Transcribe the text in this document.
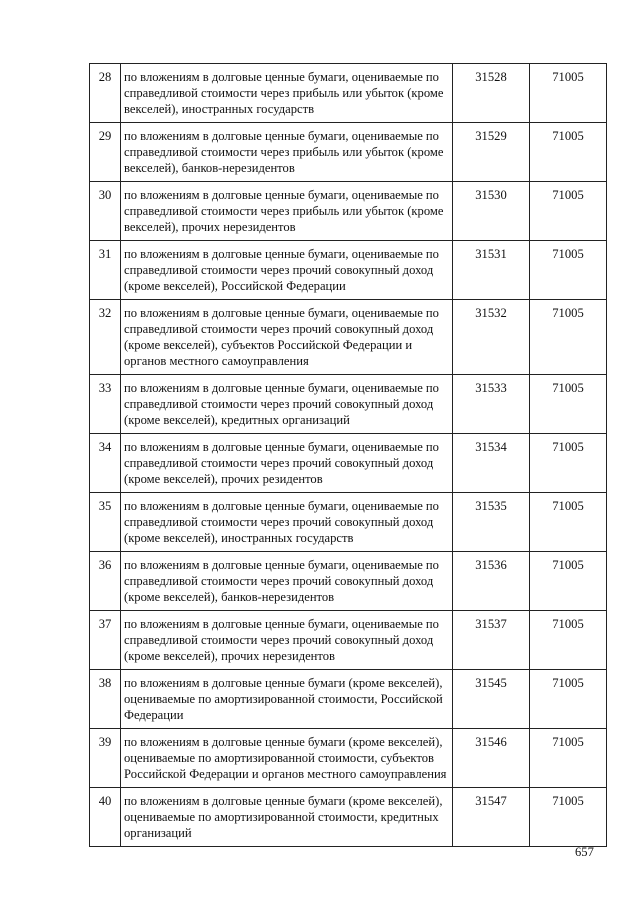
28	по вложениям в долговые ценные бумаги, оцениваемые по справедливой стоимости через прибыль или убыток (кроме векселей), иностранных государств	31528	71005
29	по вложениям в долговые ценные бумаги, оцениваемые по справедливой стоимости через прибыль или убыток (кроме векселей), банков-нерезидентов	31529	71005
30	по вложениям в долговые ценные бумаги, оцениваемые по справедливой стоимости через прибыль или убыток (кроме векселей), прочих нерезидентов	31530	71005
31	по вложениям в долговые ценные бумаги, оцениваемые по справедливой стоимости через прочий совокупный доход (кроме векселей), Российской Федерации	31531	71005
32	по вложениям в долговые ценные бумаги, оцениваемые по справедливой стоимости через прочий совокупный доход (кроме векселей), субъектов Российской Федерации и органов местного самоуправления	31532	71005
33	по вложениям в долговые ценные бумаги, оцениваемые по справедливой стоимости через прочий совокупный доход (кроме векселей), кредитных организаций	31533	71005
34	по вложениям в долговые ценные бумаги, оцениваемые по справедливой стоимости через прочий совокупный доход (кроме векселей), прочих резидентов	31534	71005
35	по вложениям в долговые ценные бумаги, оцениваемые по справедливой стоимости через прочий совокупный доход (кроме векселей), иностранных государств	31535	71005
36	по вложениям в долговые ценные бумаги, оцениваемые по справедливой стоимости через прочий совокупный доход (кроме векселей), банков-нерезидентов	31536	71005
37	по вложениям в долговые ценные бумаги, оцениваемые по справедливой стоимости через прочий совокупный доход (кроме векселей), прочих нерезидентов	31537	71005
38	по вложениям в долговые ценные бумаги (кроме векселей), оцениваемые по амортизированной стоимости, Российской Федерации	31545	71005
39	по вложениям в долговые ценные бумаги (кроме векселей), оцениваемые по амортизированной стоимости, субъектов Российской Федерации и органов местного самоуправления	31546	71005
40	по вложениям в долговые ценные бумаги (кроме векселей), оцениваемые по амортизированной стоимости, кредитных организаций	31547	71005
657
